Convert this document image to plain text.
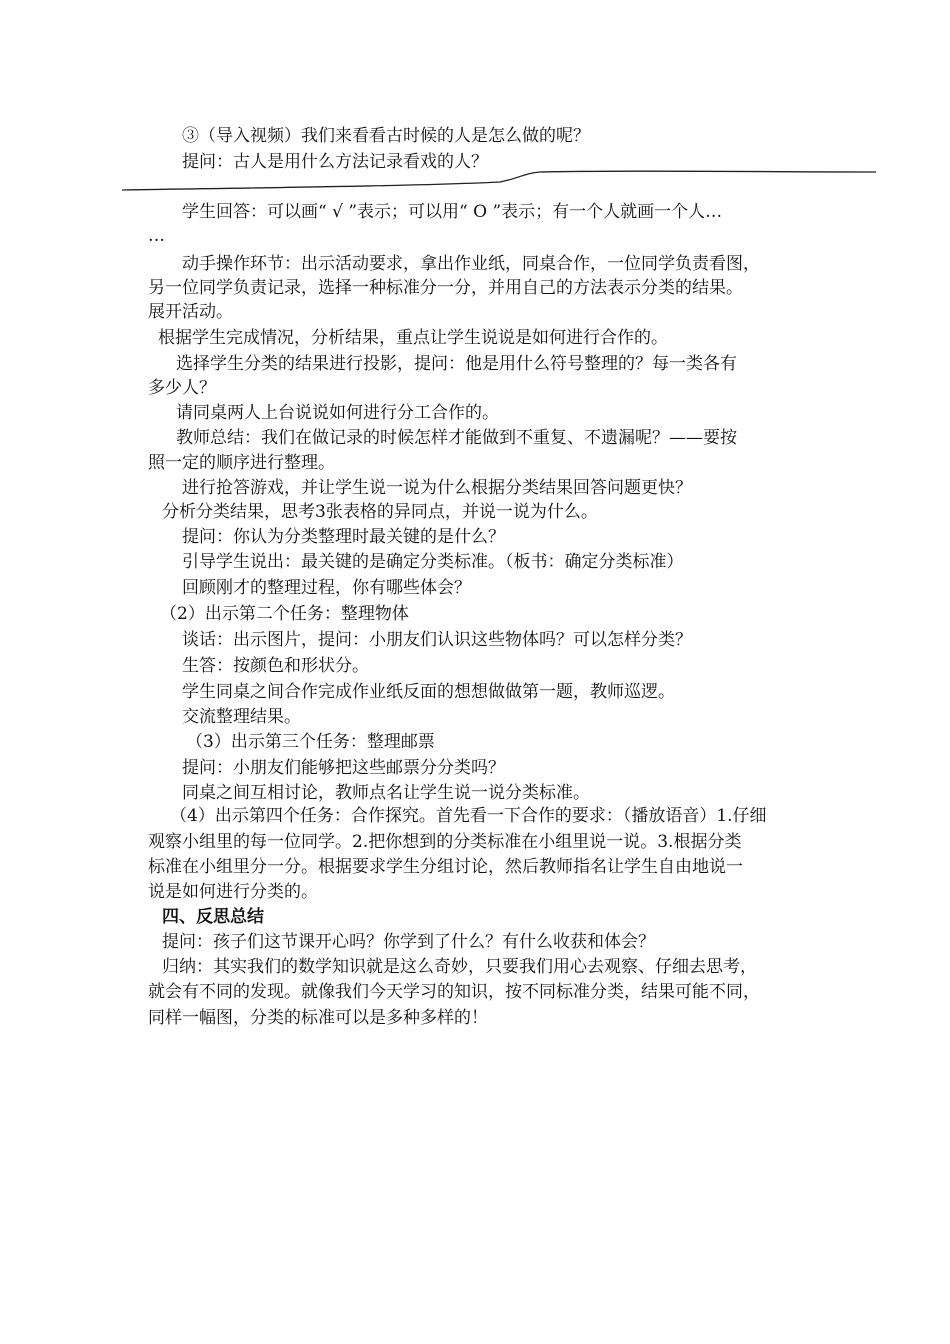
③（导入视频）我们来看看古时候的人是怎么做的呢？
提问：古人是用什么方法记录看戏的人？
学生回答：可以画“ √ ”表示；可以用“ O ”表示；有一个人就画一个人…
…
动手操作环节：出示活动要求，拿出作业纸，同桌合作，一位同学负责看图，
另一位同学负责记录，选择一种标准分一分，并用自己的方法表示分类的结果。
展开活动。
根据学生完成情况，分析结果，重点让学生说说是如何进行合作的。
选择学生分类的结果进行投影，提问：他是用什么符号整理的？每一类各有
多少人？
请同桌两人上台说说如何进行分工合作的。
教师总结：我们在做记录的时候怎样才能做到不重复、不遗漏呢？——要按
照一定的顺序进行整理。
进行抢答游戏，并让学生说一说为什么根据分类结果回答问题更快？
分析分类结果，思考3张表格的异同点，并说一说为什么。
提问：你认为分类整理时最关键的是什么？
引导学生说出：最关键的是确定分类标准。（板书：确定分类标准）
回顾刚才的整理过程，你有哪些体会？
（2）出示第二个任务：整理物体
谈话：出示图片，提问：小朋友们认识这些物体吗？可以怎样分类？
生答：按颜色和形状分。
学生同桌之间合作完成作业纸反面的想想做做第一题，教师巡逻。
交流整理结果。
（3）出示第三个任务：整理邮票
提问：小朋友们能够把这些邮票分分类吗？
同桌之间互相讨论，教师点名让学生说一说分类标准。
（4）出示第四个任务：合作探究。首先看一下合作的要求：（播放语音）1.仔细
观察小组里的每一位同学。2.把你想到的分类标准在小组里说一说。3.根据分类
标准在小组里分一分。根据要求学生分组讨论，然后教师指名让学生自由地说一
说是如何进行分类的。
四、反思总结
提问：孩子们这节课开心吗？你学到了什么？有什么收获和体会？
归纳：其实我们的数学知识就是这么奇妙，只要我们用心去观察、仔细去思考，
就会有不同的发现。就像我们今天学习的知识，按不同标准分类，结果可能不同，
同样一幅图，分类的标准可以是多种多样的！
